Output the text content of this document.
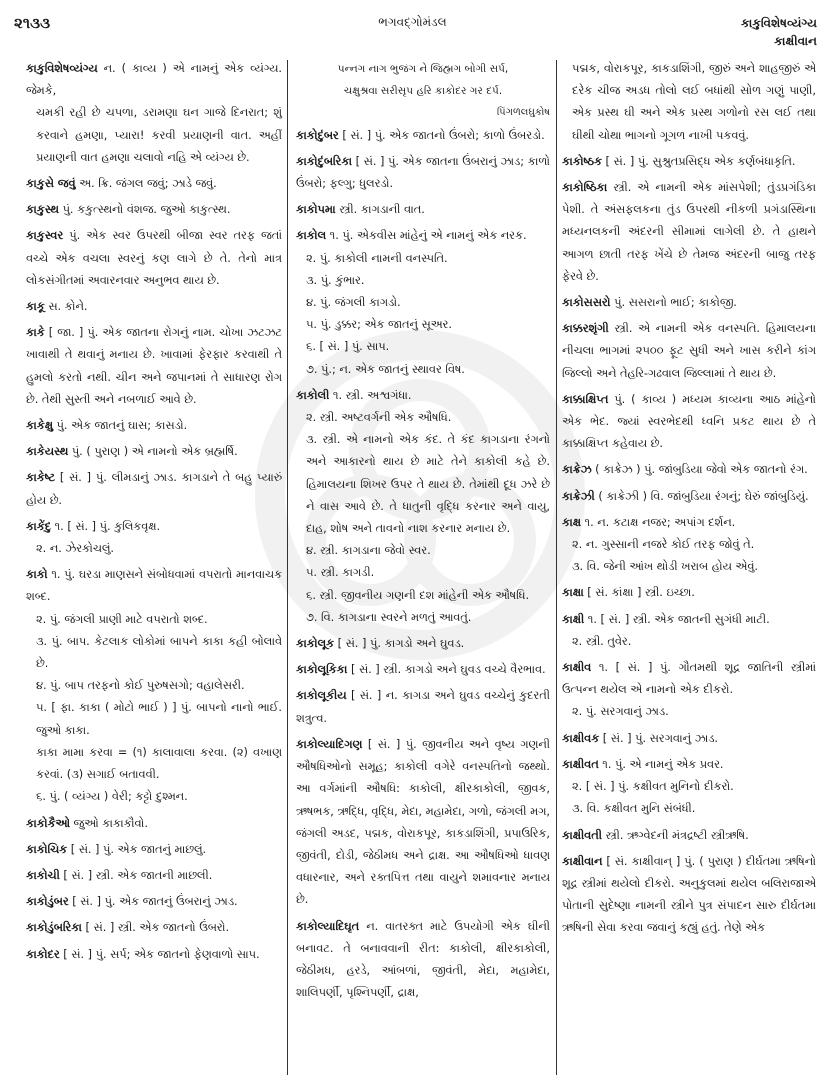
૨૧૩૩	ભગવદ્ગોમંડલ	કાકુવિશેષવ્યંગ્ય
કાક્ષીવાન
કાકુવિશેષવ્યંગ્ય ન. ( કાવ્ય ) એ નામનું એક વ્યંગ્ય. જેમકે,
ચમકી રહી છે ચપળા, ડરામણા ઘન ગાજે દિનરાત; શું કરવાને હમણા, પ્યારા! કરવી પ્રયાણની વાત. અહીં પ્રયાણની વાત હમણા ચલાવો નહિ એ વ્યંગ્ય છે.
કાકુસે જવું અ. ક્રિ. જંગલ જવું; ઝાડે જવું.
કાકુસ્થ પું. કકુત્સ્થનો વંશજ. જુઓ કાકુત્સ્થ.
કાકુસ્વર પું. એક સ્વર ઉપરથી બીજા સ્વર તરફ જતાં વચ્ચે એક વચલા સ્વરનું કણ લાગે છે તે. તેનો માત્ર લોકસંગીતમાં અવારનવાર અનુભવ થાય છે.
કાકૂ સ. કોને.
કાકે [ જા. ] પું. એક જાતના રોગનું નામ. ચોખા ઝટઝટ ખાવાથી તે થવાનું મનાય છે. ખાવામાં ફેરફાર કરવાથી તે હુમલો કરતો નથી. ચીન અને જપાનમાં તે સાધારણ રોગ છે. તેથી સુસ્તી અને નબળાઈ આવે છે.
કાકેક્ષુ પું. એક જાતનું ઘાસ; કાસડો.
કાકેયસ્થ પું. ( પુરાણ ) એ નામનો એક બ્રહ્મર્ષિ.
કાકેષ્ટ [ સં. ] પું. લીમડાનું ઝાડ. કાગડાને તે બહુ પ્યારું હોય છે.
કાકેંદુ ૧. [ સં. ] પું. કુલિકવૃક્ષ.
૨. ન. ઝેરકોચલું.
કાકો ૧. પું. ઘરડા માણસને સંબોધવામાં વપરાતો માનવાચક શબ્દ.
૨. પું. જંગલી પ્રાણી માટે વપરાતો શબ્દ.
૩. પું. બાપ. કેટલાક લોકોમાં બાપને કાકા કહી બોલાવે છે.
૪. પું. બાપ તરફનો કોઈ પુરુષસગો; વહાલેસરી.
૫. [ ફા. કાકા ( મોટો ભાઈ ) ] પું. બાપનો નાનો ભાઈ. જુઓ કાકા.
કાકા મામા કરવા = (૧) કાલાવાલા કરવા. (૨) વખાણ કરવાં. (૩) સગાઈ બતાવવી.
૬. પું. ( વ્યંગ્ય ) વેરી; કટ્ટો દુશ્મન.
કાકોકૈઓ જુઓ કાકાકૌવો.
કાકોચિક [ સં. ] પું. એક જાતનું માછલું.
કાકોચી [ સં. ] સ્ત્રી. એક જાતની માછલી.
કાકોડુંબર [ સં. ] પું. એક જાતનું ઉંબરાનું ઝાડ.
કાકોડુંબરિકા [ સં. ] સ્ત્રી. એક જાતનો ઉંબરો.
કાકોદર [ સં. ] પું. સર્પ; એક જાતનો ફેણવાળો સાપ.
પન્નગ નાગ ભુજંગ ને જિહ્મગ બોગી સર્પ,
ચક્ષુશ્રવા સરીસૃપ હરિ કાકોદર ગર દર્પ.
પિંગળલઘુકોષ
કાકોદુંબર [ સં. ] પું. એક જાતનો ઉંબરો; કાળો ઉંબરડો.
કાકોદુંબરિકા [ સં. ] પું. એક જાતના ઉંબરાનું ઝાડ; કાળો ઉંબરો; ફલ્ગુ; ધુલરડો.
કાકોપમા સ્ત્રી. કાગડાની વાત.
કાકોલ ૧. પું. એકવીસ માંહેનું એ નામનું એક નરક.
૨. પું. કાકોલી નામની વનસ્પતિ.
૩. પું. કુંભાર.
૪. પું. જંગલી કાગડો.
૫. પું. ડુક્કર; એક જાતનું સૂઅર.
૬. [ સં. ] પું. સાપ.
૭. પું.; ન. એક જાતનું સ્થાવર વિષ.
કાકોલી ૧. સ્ત્રી. અશ્વગંધા.
૨. સ્ત્રી. અષ્ટવર્ગની એક ઔષધિ.
૩. સ્ત્રી. એ નામનો એક કંદ. તે કંદ કાગડાના રંગનો અને આકારનો થાય છે માટે તેને કાકોલી કહે છે. હિમાલયના શિખર ઉપર તે થાય છે. તેમાંથી દૂધ ઝરે છે ને વાસ આવે છે. તે ધાતુની વૃદ્ધિ કરનાર અને વાયુ, દાહ, શોષ અને તાવનો નાશ કરનાર મનાય છે.
૪. સ્ત્રી. કાગડાના જેવો સ્વર.
૫. સ્ત્રી. કાગડી.
૬. સ્ત્રી. જીવનીય ગણની દશ માંહેની એક ઔષધિ.
૭. વિ. કાગડાના સ્વરને મળતું આવતું.
કાકોલૂક [ સં. ] પું. કાગડો અને ઘુવડ.
કાકોલૂકિકા [ સં. ] સ્ત્રી. કાગડો અને ઘુવડ વચ્ચે વૈરભાવ.
કાકોલૂકીય [ સં. ] ન. કાગડા અને ઘુવડ વચ્ચેનું કુદરતી શત્રુત્વ.
કાકોલ્યાદિગણ [ સં. ] પું. જીવનીય અને વૃષ્ય ગણની ઔષધિઓનો સમૂહ; કાકોલી વગેરે વનસ્પતિનો જથ્થો. આ વર્ગમાંની ઔષધિ: કાકોલી, ક્ષીરકાકોલી, જીવક, ઋષભક, ઋદ્ધિ, વૃદ્ધિ, મેદા, મહામેદા, ગળો, જંગલી મગ, જંગલી અડદ, પદ્મક, વોરાકપૂર, કાકડાશિંગી, પ્રપાઉરિક, જીવંતી, દોડી, જેઠીમધ અને દ્રાક્ષ. આ ઔષધિઓ ધાવણ વધારનાર, અને રક્તપિત્ત તથા વાયુને શમાવનાર મનાય છે.
કાકોલ્યાદિઘૃત ન. વાતરક્ત માટે ઉપયોગી એક ઘીની બનાવટ. તે બનાવવાની રીત: કાકોલી, ક્ષીરકાકોલી, જેઠીમધ, હરડે, આંબળાં, જીવંતી, મેદા, મહામેદા, શાલિપર્ણી, પૃશ્નિપર્ણી, દ્રાક્ષ,
પદ્મક, વોરાકપૂર, કાકડાશિંગી, જીરું અને શાહજીરું એ દરેક ચીજ અડધ તોલો લઈ બધાંથી સોળ ગણું પાણી, એક પ્રસ્થ ઘી અને એક પ્રસ્થ ગળોનો રસ લઈ તથા ઘીથી ચોથા ભાગનો ગૂગળ નાખી પકવવું.
કાકોષ્ઠક [ સં. ] પું. સુશ્રુતપ્રસિદ્ધ એક કર્ણબંધાકૃતિ.
કાકોષ્ઠિકા સ્ત્રી. એ નામની એક માંસપેશી; તુંડપ્રગંડિકા પેશી. તે અંસફલકના તુંડ ઉપરથી નીકળી પ્રગંડાસ્થિના મધ્યનલકની અંદરની સીમામાં લાગેલી છે. તે હાથને આગળ છાતી તરફ ખેંચે છે તેમજ અંદરની બાજુ તરફ ફેરવે છે.
કાકોસસરો પું. સસરાનો ભાઈ; કાકોજી.
કાક્કરશૃંગી સ્ત્રી. એ નામની એક વનસ્પતિ. હિમાલયના નીચલા ભાગમાં ૨૫૦૦ ફૂટ સુધી અને ખાસ કરીને કાંગ જિલ્લો અને તેહરિ-ગઢવાલ જિલ્લામાં તે થાય છે.
કાક્કાક્ષિપ્ત પું. ( કાવ્ય ) મધ્યમ કાવ્યના આઠ માંહેનો એક ભેદ. જ્યાં સ્વરભેદથી ધ્વનિ પ્રકટ થાય છે તે કાક્કાક્ષિપ્ત કહેવાય છે.
કાક્રેઝ ( કાક્રેઝ ) પું. જાંબુડિયા જેવો એક જાતનો રંગ.
કાક્રેઝી ( કાક્રેઝી ) વિ. જાંબુડિયા રંગનું; ઘેરું જાંબુડિયું.
કાક્ષ ૧. ન. કટાક્ષ નજર; અપાંગ દર્શન.
૨. ન. ગુસ્સાની નજરે કોઈ તરફ જોવું તે.
૩. વિ. જેની આંખ થોડી ખરાબ હોય એવું.
કાક્ષા [ સં. કાંક્ષા ] સ્ત્રી. ઇચ્છા.
કાક્ષી ૧. [ સં. ] સ્ત્રી. એક જાતની સુગંધી માટી.
૨. સ્ત્રી. તુવેર.
કાક્ષીવ ૧. [ સં. ] પું. ગૌતમથી શૂદ્ર જાતિની સ્ત્રીમાં ઉત્પન્ન થયેલ એ નામનો એક દીકરો.
૨. પું. સરગવાનું ઝાડ.
કાક્ષીવક [ સં. ] પું. સરગવાનું ઝાડ.
કાક્ષીવત ૧. પું. એ નામનું એક પ્રવર.
૨. [ સં. ] પું. કક્ષીવત મુનિનો દીકરો.
૩. વિ. કક્ષીવત મુનિ સંબંધી.
કાક્ષીવતી સ્ત્રી. ઋગ્વેદની મંત્રદ્રષ્ટી સ્ત્રીઋષિ.
કાક્ષીવાન [ સં. કાક્ષીવાન્ ] પું. ( પુરાણ ) દીર્ઘતમા ઋષિનો શૂદ્ર સ્ત્રીમાં થયેલો દીકરો. અનુકુલમાં થયેલ બલિરાજાએ પોતાની સુદેષ્ણા નામની સ્ત્રીને પુત્ર સંપાદન સારુ દીર્ઘતમા ઋષિની સેવા કરવા જવાનું કહ્યું હતું. તેણે એક
